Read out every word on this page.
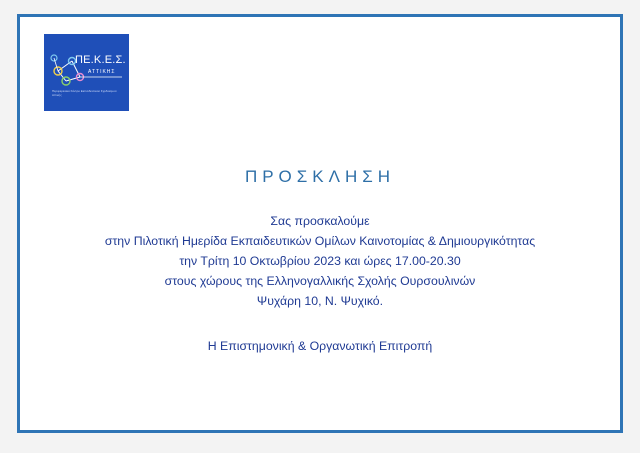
ΠΕ.Κ.Ε.Σ.
ΑΤΤΙΚΗΣ
Περιφερειακό Κέντρο Εκπαιδευτικού Σχεδιασμού Αττικής
ΠΡΟΣΚΛΗΣΗ
Σας προσκαλούμε
στην Πιλοτική Ημερίδα Εκπαιδευτικών Ομίλων Καινοτομίας & Δημιουργικότητας
την Τρίτη 10 Οκτωβρίου 2023 και ώρες 17.00-20.30
στους χώρους της Ελληνογαλλικής Σχολής Ουρσουλινών
Ψυχάρη 10, Ν. Ψυχικό.
Η Επιστημονική & Οργανωτική Επιτροπή
